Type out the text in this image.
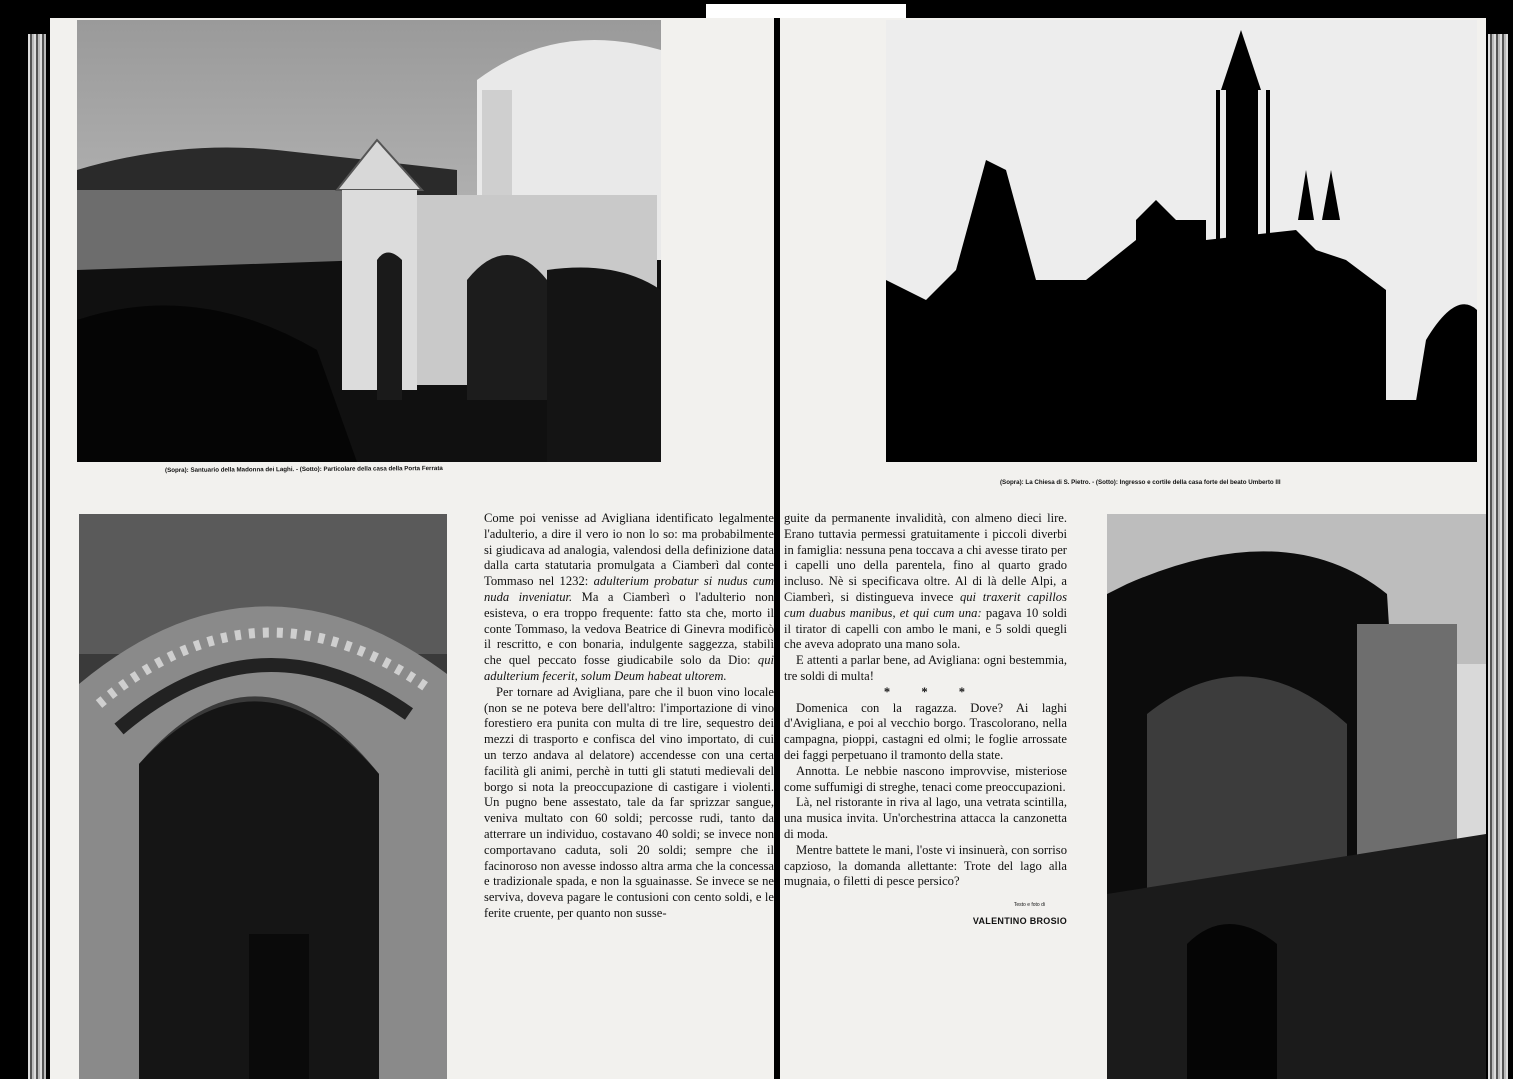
(Sopra): Santuario della Madonna dei Laghi. - (Sotto): Particolare della casa della Porta Ferrata

Come poi venisse ad Avigliana identificato legalmente l'adulterio, a dire il vero io non lo so: ma probabilmente si giudicava ad analogia, valendosi della definizione data dalla carta statutaria promulgata a Ciamberì dal conte Tommaso nel 1232: adulterium probatur si nudus cum nuda inveniatur. Ma a Ciamberì o l'adulterio non esisteva, o era troppo frequente: fatto sta che, morto il conte Tommaso, la vedova Beatrice di Ginevra modificò il rescritto, e con bonaria, indulgente saggezza, stabilì che quel peccato fosse giudicabile solo da Dio: qui adulterium fecerit, solum Deum habeat ultorem.

Per tornare ad Avigliana, pare che il buon vino locale (non se ne poteva bere dell'altro: l'importazione di vino forestiero era punita con multa di tre lire, sequestro dei mezzi di trasporto e confisca del vino importato, di cui un terzo andava al delatore) accendesse con una certa facilità gli animi, perchè in tutti gli statuti medievali del borgo si nota la preoccupazione di castigare i violenti. Un pugno bene assestato, tale da far sprizzar sangue, veniva multato con 60 soldi; percosse rudi, tanto da atterrare un individuo, costavano 40 soldi; se invece non comportavano caduta, soli 20 soldi; sempre che il facinoroso non avesse indosso altra arma che la concessa e tradizionale spada, e non la sguainasse. Se invece se ne serviva, doveva pagare le contusioni con cento soldi, e le ferite cruente, per quanto non susse-

(Sopra): La Chiesa di S. Pietro. - (Sotto): Ingresso e cortile della casa forte del beato Umberto III

guite da permanente invalidità, con almeno dieci lire. Erano tuttavia permessi gratuitamente i piccoli diverbi in famiglia: nessuna pena toccava a chi avesse tirato per i capelli uno della parentela, fino al quarto grado incluso. Nè si specificava oltre. Al di là delle Alpi, a Ciamberì, si distingueva invece qui traxerit capillos cum duabus manibus, et qui cum una: pagava 10 soldi il tirator di capelli con ambo le mani, e 5 soldi quegli che aveva adoprato una mano sola.

E attenti a parlar bene, ad Avigliana: ogni bestemmia, tre soldi di multa!

* * *

Domenica con la ragazza. Dove? Ai laghi d'Avigliana, e poi al vecchio borgo. Trascolorano, nella campagna, pioppi, castagni ed olmi; le foglie arrossate dei faggi perpetuano il tramonto della state.

Annotta. Le nebbie nascono improvvise, misteriose come suffumigi di streghe, tenaci come preoccupazioni.

Là, nel ristorante in riva al lago, una vetrata scintilla, una musica invita. Un'orchestrina attacca la canzonetta di moda.

Mentre battete le mani, l'oste vi insinuerà, con sorriso capzioso, la domanda allettante: Trote del lago alla mugnaia, o filetti di pesce persico?

Testo e foto di
VALENTINO BROSIO
